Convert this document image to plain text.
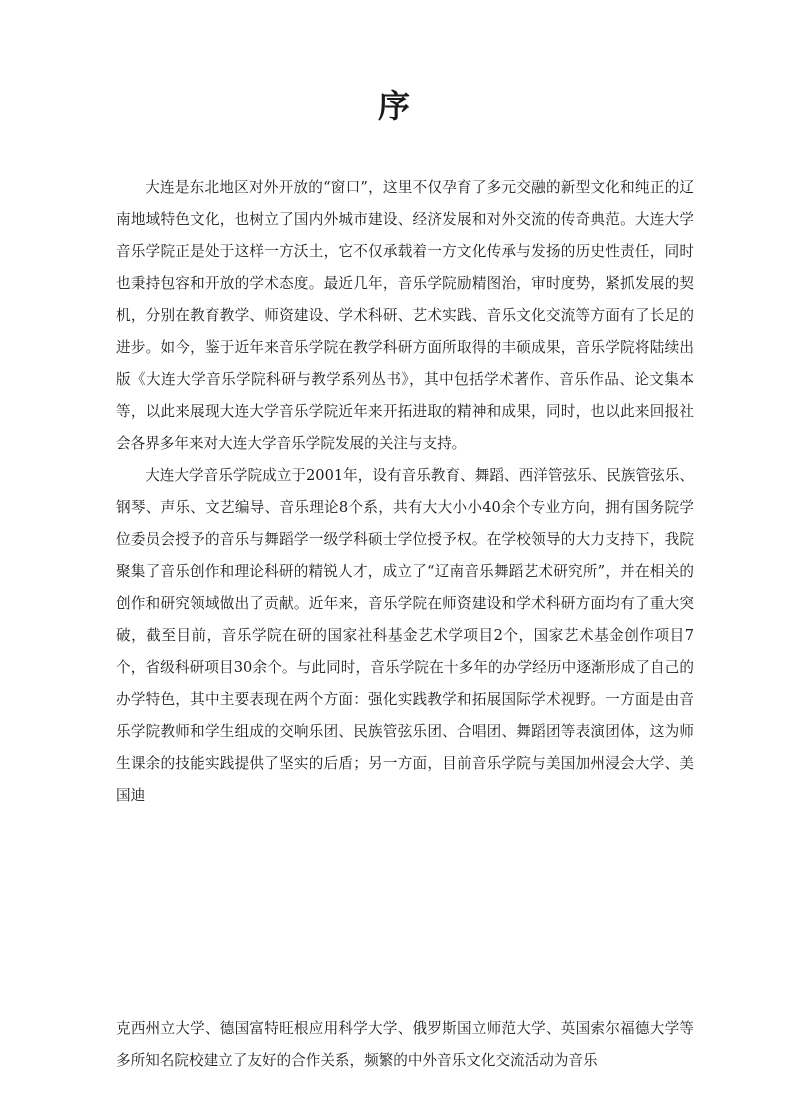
序

大连是东北地区对外开放的“窗口”，这里不仅孕育了多元交融的新型文化和纯正的辽南地域特色文化，也树立了国内外城市建设、经济发展和对外交流的传奇典范。大连大学音乐学院正是处于这样一方沃土，它不仅承载着一方文化传承与发扬的历史性责任，同时也秉持包容和开放的学术态度。最近几年，音乐学院励精图治，审时度势，紧抓发展的契机，分别在教育教学、师资建设、学术科研、艺术实践、音乐文化交流等方面有了长足的进步。如今，鉴于近年来音乐学院在教学科研方面所取得的丰硕成果，音乐学院将陆续出版《大连大学音乐学院科研与教学系列丛书》，其中包括学术著作、音乐作品、论文集本等，以此来展现大连大学音乐学院近年来开拓进取的精神和成果，同时，也以此来回报社会各界多年来对大连大学音乐学院发展的关注与支持。

大连大学音乐学院成立于2001年，设有音乐教育、舞蹈、西洋管弦乐、民族管弦乐、钢琴、声乐、文艺编导、音乐理论8个系，共有大大小小40余个专业方向，拥有国务院学位委员会授予的音乐与舞蹈学一级学科硕士学位授予权。在学校领导的大力支持下，我院聚集了音乐创作和理论科研的精锐人才，成立了“辽南音乐舞蹈艺术研究所”，并在相关的创作和研究领域做出了贡献。近年来，音乐学院在师资建设和学术科研方面均有了重大突破，截至目前，音乐学院在研的国家社科基金艺术学项目2个，国家艺术基金创作项目7个，省级科研项目30余个。与此同时，音乐学院在十多年的办学经历中逐渐形成了自己的办学特色，其中主要表现在两个方面：强化实践教学和拓展国际学术视野。一方面是由音乐学院教师和学生组成的交响乐团、民族管弦乐团、合唱团、舞蹈团等表演团体，这为师生课余的技能实践提供了坚实的后盾；另一方面，目前音乐学院与美国加州浸会大学、美国迪

克西州立大学、德国富特旺根应用科学大学、俄罗斯国立师范大学、英国索尔福德大学等多所知名院校建立了友好的合作关系，频繁的中外音乐文化交流活动为音乐
